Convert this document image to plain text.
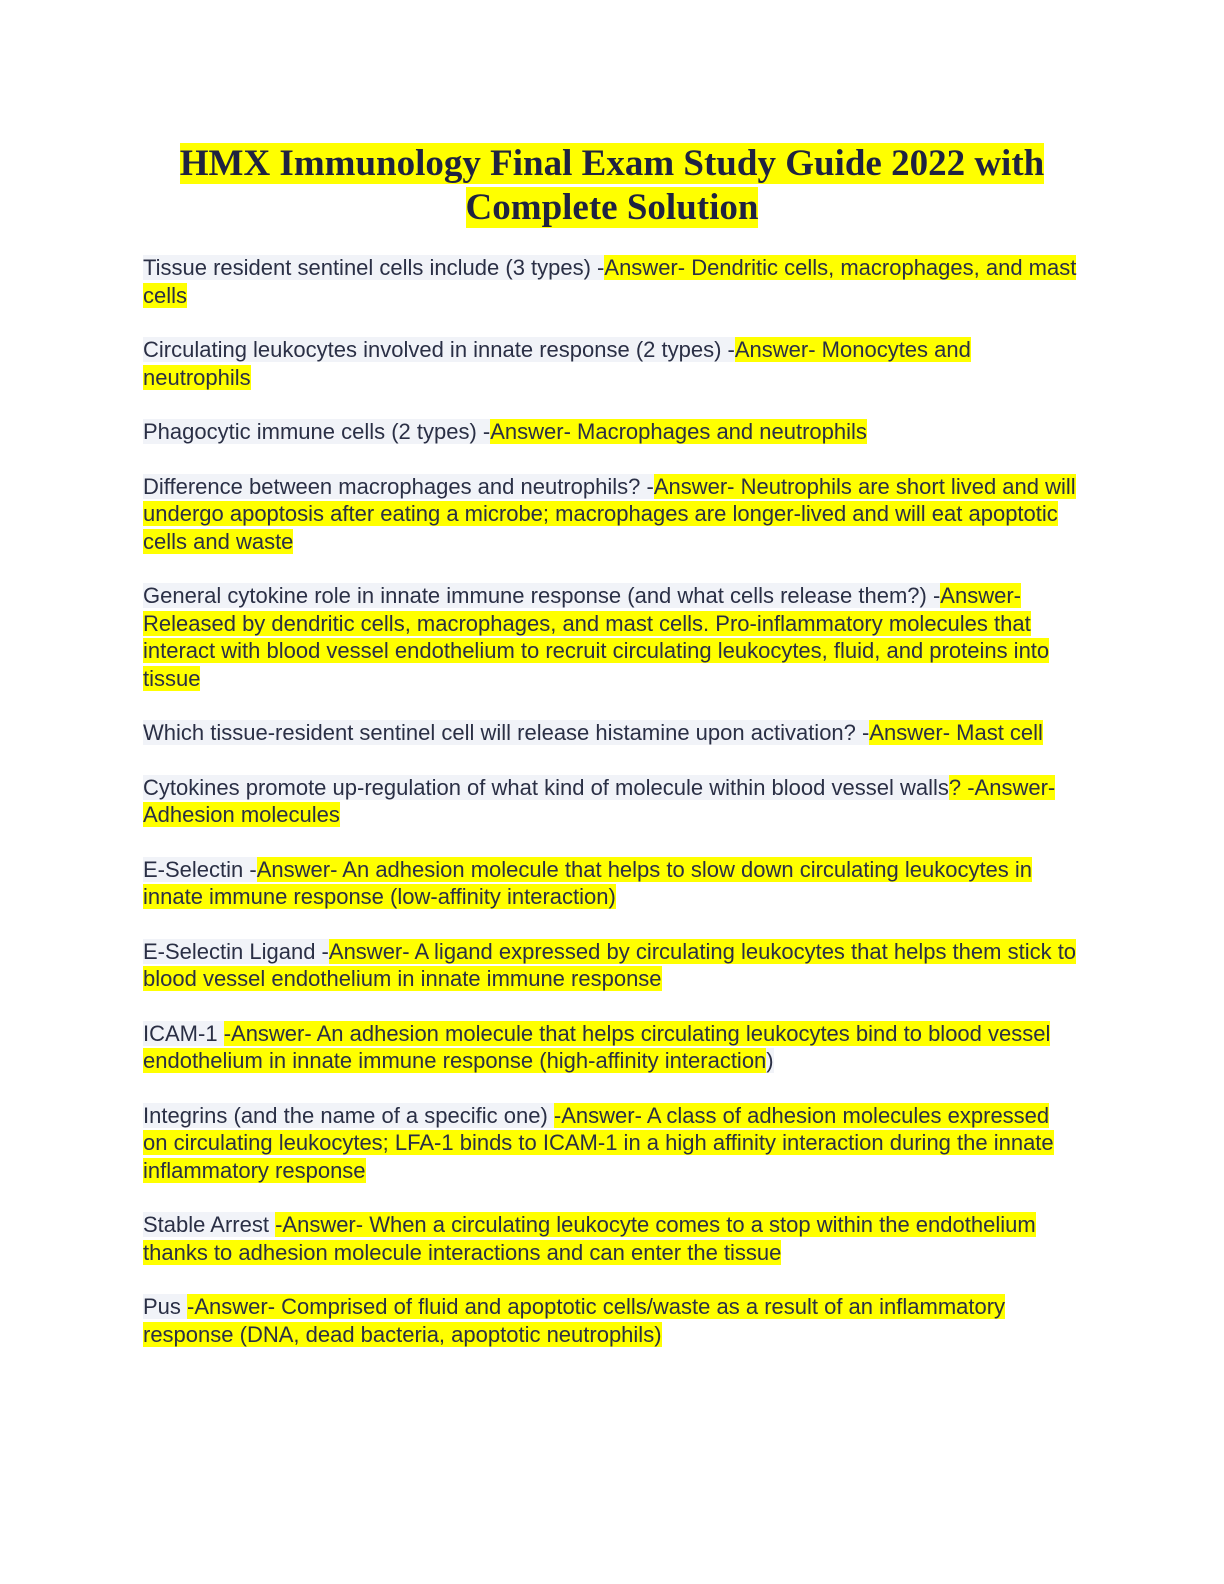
HMX Immunology Final Exam Study Guide 2022 with
Complete Solution

Tissue resident sentinel cells include (3 types) -Answer- Dendritic cells, macrophages, and mast cells

Circulating leukocytes involved in innate response (2 types) -Answer- Monocytes and neutrophils

Phagocytic immune cells (2 types) -Answer- Macrophages and neutrophils

Difference between macrophages and neutrophils? -Answer- Neutrophils are short lived and will undergo apoptosis after eating a microbe; macrophages are longer-lived and will eat apoptotic cells and waste

General cytokine role in innate immune response (and what cells release them?) -Answer- Released by dendritic cells, macrophages, and mast cells. Pro-inflammatory molecules that interact with blood vessel endothelium to recruit circulating leukocytes, fluid, and proteins into tissue

Which tissue-resident sentinel cell will release histamine upon activation? -Answer- Mast cell

Cytokines promote up-regulation of what kind of molecule within blood vessel walls? -Answer- Adhesion molecules

E-Selectin -Answer- An adhesion molecule that helps to slow down circulating leukocytes in innate immune response (low-affinity interaction)

E-Selectin Ligand -Answer- A ligand expressed by circulating leukocytes that helps them stick to blood vessel endothelium in innate immune response

ICAM-1 -Answer- An adhesion molecule that helps circulating leukocytes bind to blood vessel endothelium in innate immune response (high-affinity interaction)

Integrins (and the name of a specific one) -Answer- A class of adhesion molecules expressed on circulating leukocytes; LFA-1 binds to ICAM-1 in a high affinity interaction during the innate inflammatory response

Stable Arrest -Answer- When a circulating leukocyte comes to a stop within the endothelium thanks to adhesion molecule interactions and can enter the tissue

Pus -Answer- Comprised of fluid and apoptotic cells/waste as a result of an inflammatory response (DNA, dead bacteria, apoptotic neutrophils)
